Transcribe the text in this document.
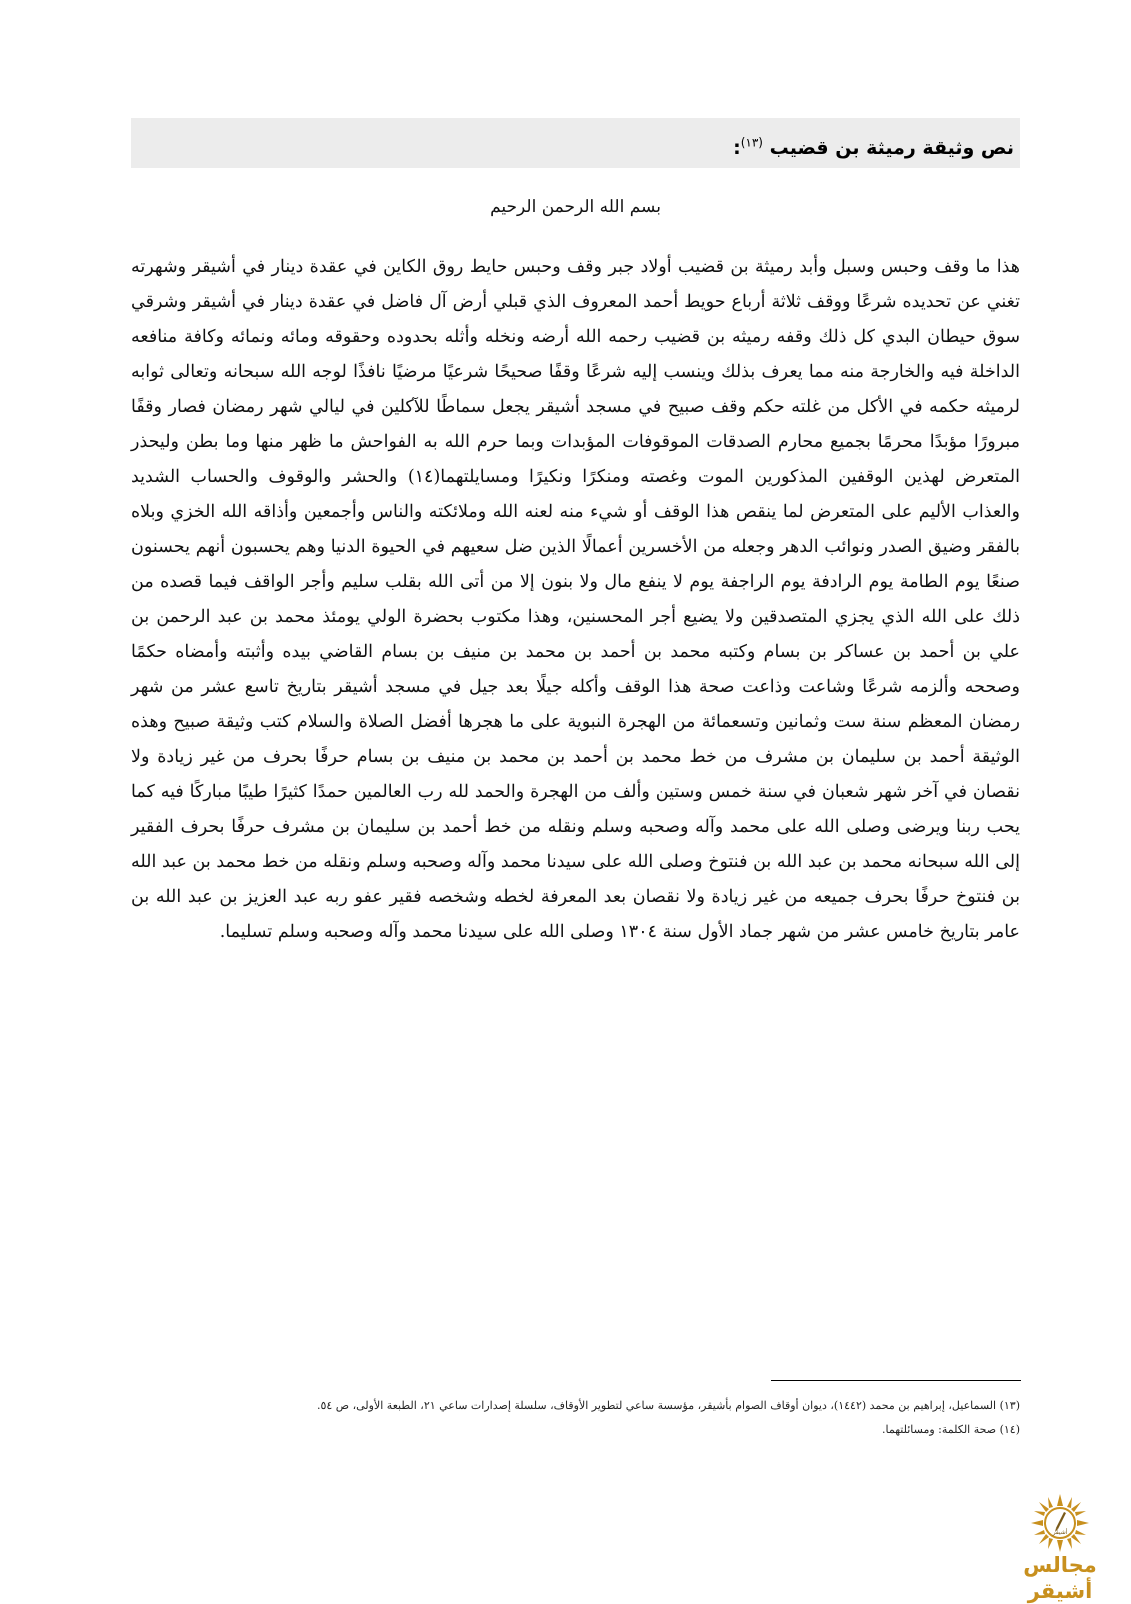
نص وثيقة رميثة بن قضيب $^{(١٣)}$:
بسم الله الرحمن الرحيم

هذا ما وقف وحبس وسبل وأبد رميثة بن قضيب أولاد جبر وقف وحبس حايط روق الكاين في عقدة دينار في أشيقر وشهرته تغني عن تحديده شرعًا ووقف ثلاثة أرباع حويط أحمد المعروف الذي قبلي أرض آل فاضل في عقدة دينار في أشيقر وشرقي سوق حيطان البدي كل ذلك وقفه رميثه بن قضيب رحمه الله أرضه ونخله وأثله بحدوده وحقوقه ومائه ونمائه وكافة منافعه الداخلة فيه والخارجة منه مما يعرف بذلك وينسب إليه شرعًا وقفًا صحيحًا شرعيًا مرضيًا نافذًا لوجه الله سبحانه وتعالى ثوابه لرميثه حكمه في الأكل من غلته حكم وقف صبيح في مسجد أشيقر يجعل سماطًا للآكلين في ليالي شهر رمضان فصار وقفًا مبرورًا مؤبدًا محرمًا بجميع محارم الصدقات الموقوفات المؤبدات وبما حرم الله به الفواحش ما ظهر منها وما بطن وليحذر المتعرض لهذين الوقفين المذكورين الموت وغصته ومنكرًا ونكيرًا ومسايلتهما(١٤) والحشر والوقوف والحساب الشديد والعذاب الأليم على المتعرض لما ينقص هذا الوقف أو شيء منه لعنه الله وملائكته والناس وأجمعين وأذاقه الله الخزي وبلاه بالفقر وضيق الصدر ونوائب الدهر وجعله من الأخسرين أعمالًا الذين ضل سعيهم في الحيوة الدنيا وهم يحسبون أنهم يحسنون صنعًا يوم الطامة يوم الرادفة يوم الراجفة يوم لا ينفع مال ولا بنون إلا من أتى الله بقلب سليم وأجر الواقف فيما قصده من ذلك على الله الذي يجزي المتصدقين ولا يضيع أجر المحسنين، وهذا مكتوب بحضرة الولي يومئذ محمد بن عبد الرحمن بن علي بن أحمد بن عساكر بن بسام وكتبه محمد بن أحمد بن محمد بن منيف بن بسام القاضي بيده وأثبته وأمضاه حكمًا وصححه وألزمه شرعًا وشاعت وذاعت صحة هذا الوقف وأكله جيلًا بعد جيل في مسجد أشيقر بتاريخ تاسع عشر من شهر رمضان المعظم سنة ست وثمانين وتسعمائة من الهجرة النبوية على ما هجرها أفضل الصلاة والسلام كتب وثيقة صبيح وهذه الوثيقة أحمد بن سليمان بن مشرف من خط محمد بن أحمد بن محمد بن منيف بن بسام حرفًا بحرف من غير زيادة ولا نقصان في آخر شهر شعبان في سنة خمس وستين وألف من الهجرة والحمد لله رب العالمين حمدًا كثيرًا طيبًا مباركًا فيه كما يحب ربنا ويرضى وصلى الله على محمد وآله وصحبه وسلم ونقله من خط أحمد بن سليمان بن مشرف حرفًا بحرف الفقير إلى الله سبحانه محمد بن عبد الله بن فنتوخ وصلى الله على سيدنا محمد وآله وصحبه وسلم ونقله من خط محمد بن عبد الله بن فنتوخ حرفًا بحرف جميعه من غير زيادة ولا نقصان بعد المعرفة لخطه وشخصه فقير عفو ربه عبد العزيز بن عبد الله بن عامر بتاريخ خامس عشر من شهر جماد الأول سنة ١٣٠٤ وصلى الله على سيدنا محمد وآله وصحبه وسلم تسليما.

(١٣) السماعيل، إبراهيم بن محمد (١٤٤٢)، ديوان أوقاف الصوام بأشيقر، مؤسسة ساعي لتطوير الأوقاف، سلسلة إصدارات ساعي ٢١، الطبعة الأولى، ص ٥٤.

(١٤) صحة الكلمة: ومسائلتهما.

أشيقر
مجالس أشيقر
